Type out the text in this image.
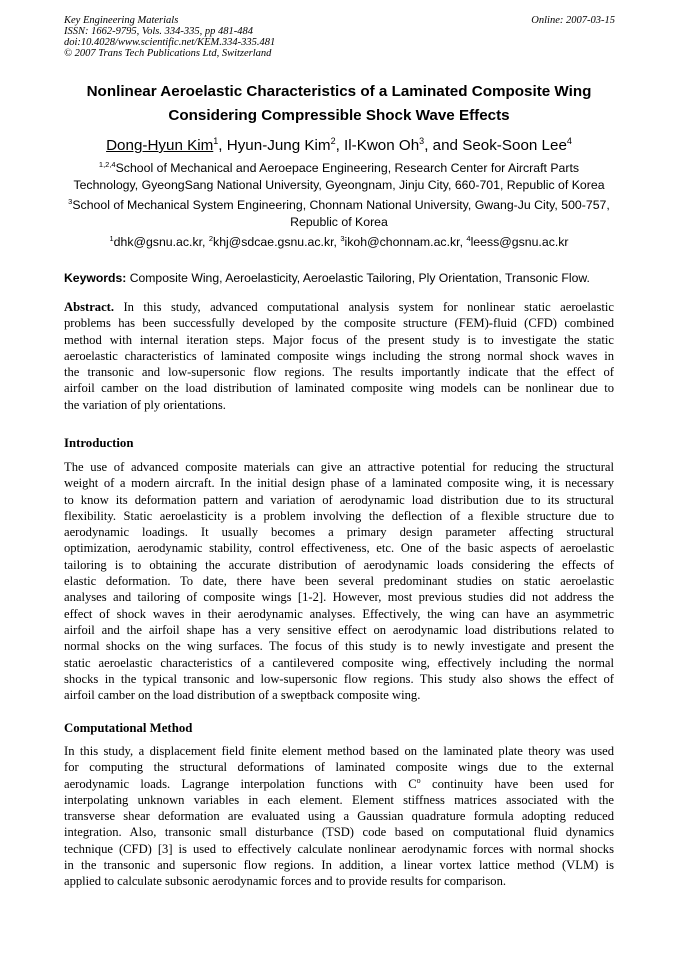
Key Engineering Materials
ISSN: 1662-9795, Vols. 334-335, pp 481-484
doi:10.4028/www.scientific.net/KEM.334-335.481
© 2007 Trans Tech Publications Ltd, Switzerland
Online: 2007-03-15
Nonlinear Aeroelastic Characteristics of a Laminated Composite Wing
Considering Compressible Shock Wave Effects
Dong-Hyun Kim$^1$, Hyun-Jung Kim$^2$, Il-Kwon Oh$^3$, and Seok-Soon Lee$^4$
$^{1,2,4}$School of Mechanical and Aeroepace Engineering, Research Center for Aircraft Parts
Technology, GyeongSang National University, Gyeongnam, Jinju City, 660-701, Republic of Korea
$^3$School of Mechanical System Engineering, Chonnam National University, Gwang-Ju City, 500-757,
Republic of Korea
$^1$dhk@gsnu.ac.kr, $^2$khj@sdcae.gsnu.ac.kr, $^3$ikoh@chonnam.ac.kr, $^4$leess@gsnu.ac.kr
Keywords: Composite Wing, Aeroelasticity, Aeroelastic Tailoring, Ply Orientation, Transonic Flow.
Abstract. In this study, advanced computational analysis system for nonlinear static aeroelastic
problems has been successfully developed by the composite structure (FEM)-fluid (CFD) combined
method with internal iteration steps. Major focus of the present study is to investigate the static
aeroelastic characteristics of laminated composite wings including the strong normal shock waves in
the transonic and low-supersonic flow regions. The results importantly indicate that the effect of
airfoil camber on the load distribution of laminated composite wing models can be nonlinear due to
the variation of ply orientations.
Introduction
The use of advanced composite materials can give an attractive potential for reducing the structural
weight of a modern aircraft. In the initial design phase of a laminated composite wing, it is necessary
to know its deformation pattern and variation of aerodynamic load distribution due to its structural
flexibility. Static aeroelasticity is a problem involving the deflection of a flexible structure due to
aerodynamic loadings. It usually becomes a primary design parameter affecting structural
optimization, aerodynamic stability, control effectiveness, etc. One of the basic aspects of aeroelastic
tailoring is to obtaining the accurate distribution of aerodynamic loads considering the effects of
elastic deformation. To date, there have been several predominant studies on static aeroelastic
analyses and tailoring of composite wings [1-2]. However, most previous studies did not address the
effect of shock waves in their aerodynamic analyses. Effectively, the wing can have an asymmetric
airfoil and the airfoil shape has a very sensitive effect on aerodynamic load distributions related to
normal shocks on the wing surfaces. The focus of this study is to newly investigate and present the
static aeroelastic characteristics of a cantilevered composite wing, effectively including the normal
shocks in the typical transonic and low-supersonic flow regions. This study also shows the effect of
airfoil camber on the load distribution of a sweptback composite wing.
Computational Method
In this study, a displacement field finite element method based on the laminated plate theory was used
for computing the structural deformations of laminated composite wings due to the external
aerodynamic loads. Lagrange interpolation functions with $C^o$ continuity have been used for
interpolating unknown variables in each element. Element stiffness matrices associated with the
transverse shear deformation are evaluated using a Gaussian quadrature formula adopting reduced
integration. Also, transonic small disturbance (TSD) code based on computational fluid dynamics
technique (CFD) [3] is used to effectively calculate nonlinear aerodynamic forces with normal shocks
in the transonic and supersonic flow regions. In addition, a linear vortex lattice method (VLM) is
applied to calculate subsonic aerodynamic forces and to provide results for comparison.
